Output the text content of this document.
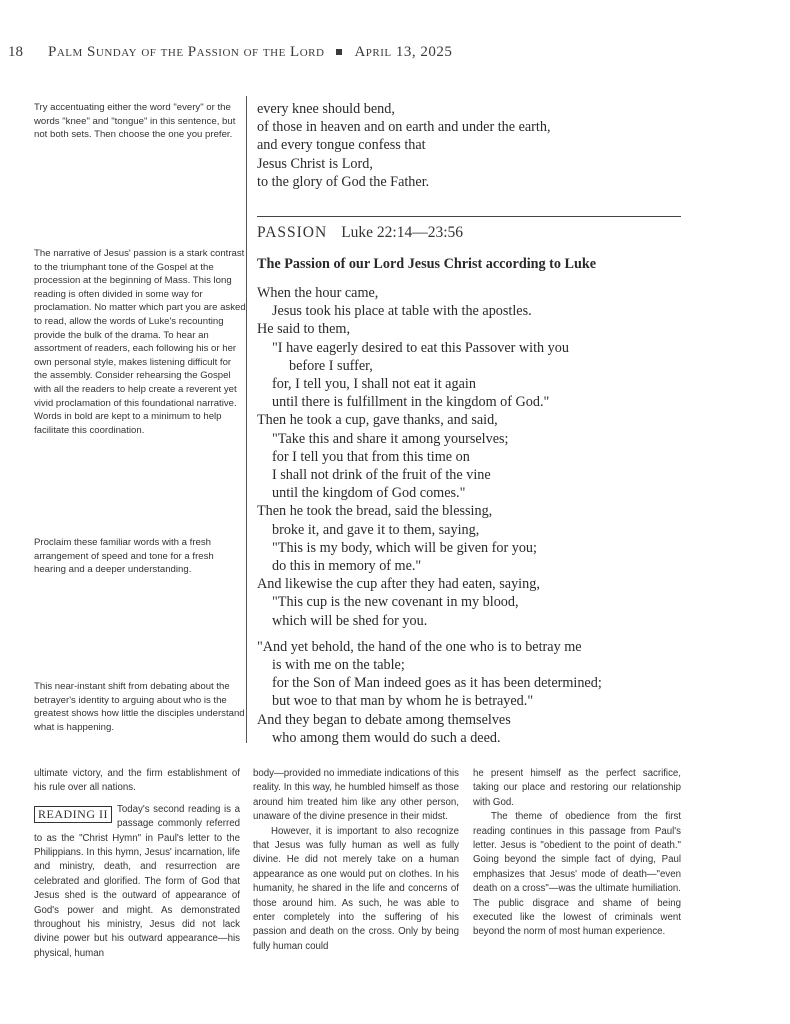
18 Palm Sunday of the Passion of the Lord April 13, 2025
Try accentuating either the word "every" or the words "knee" and "tongue" in this sentence, but not both sets. Then choose the one you prefer.
The narrative of Jesus' passion is a stark contrast to the triumphant tone of the Gospel at the procession at the beginning of Mass. This long reading is often divided in some way for proclamation. No matter which part you are asked to read, allow the words of Luke's recounting provide the bulk of the drama. To hear an assortment of readers, each following his or her own personal style, makes listening difficult for the assembly. Consider rehearsing the Gospel with all the readers to help create a reverent yet vivid proclamation of this foundational narrative. Words in bold are kept to a minimum to help facilitate this coordination.
Proclaim these familiar words with a fresh arrangement of speed and tone for a fresh hearing and a deeper understanding.
This near-instant shift from debating about the betrayer's identity to arguing about who is the greatest shows how little the disciples understand what is happening.
every knee should bend,
of those in heaven and on earth and under the earth,
and every tongue confess that
Jesus Christ is Lord,
to the glory of God the Father.
PASSION Luke 22:14—23:56
The Passion of our Lord Jesus Christ according to Luke
When the hour came,
Jesus took his place at table with the apostles.
He said to them,
"I have eagerly desired to eat this Passover with you
before I suffer,
for, I tell you, I shall not eat it again
until there is fulfillment in the kingdom of God."
Then he took a cup, gave thanks, and said,
"Take this and share it among yourselves;
for I tell you that from this time on
I shall not drink of the fruit of the vine
until the kingdom of God comes."
Then he took the bread, said the blessing,
broke it, and gave it to them, saying,
"This is my body, which will be given for you;
do this in memory of me."
And likewise the cup after they had eaten, saying,
"This cup is the new covenant in my blood,
which will be shed for you.
"And yet behold, the hand of the one who is to betray me
is with me on the table;
for the Son of Man indeed goes as it has been determined;
but woe to that man by whom he is betrayed."
And they began to debate among themselves
who among them would do such a deed.

ultimate victory, and the firm establishment of his rule over all nations.

READING II Today's second reading is a passage commonly referred to as the "Christ Hymn" in Paul's letter to the Philippians. In this hymn, Jesus' incarnation, life and ministry, death, and resurrection are celebrated and glorified. The form of God that Jesus shed is the outward of appearance of God's power and might. As demonstrated throughout his ministry, Jesus did not lack divine power but his outward appearance—his physical, human

body—provided no immediate indications of this reality. In this way, he humbled himself as those around him treated him like any other person, unaware of the divine presence in their midst.

However, it is important to also recognize that Jesus was fully human as well as fully divine. He did not merely take on a human appearance as one would put on clothes. In his humanity, he shared in the life and concerns of those around him. As such, he was able to enter completely into the suffering of his passion and death on the cross. Only by being fully human could

he present himself as the perfect sacrifice, taking our place and restoring our relationship with God.

The theme of obedience from the first reading continues in this passage from Paul's letter. Jesus is "obedient to the point of death." Going beyond the simple fact of dying, Paul emphasizes that Jesus' mode of death—"even death on a cross"—was the ultimate humiliation. The public disgrace and shame of being executed like the lowest of criminals went beyond the norm of most human experience.
